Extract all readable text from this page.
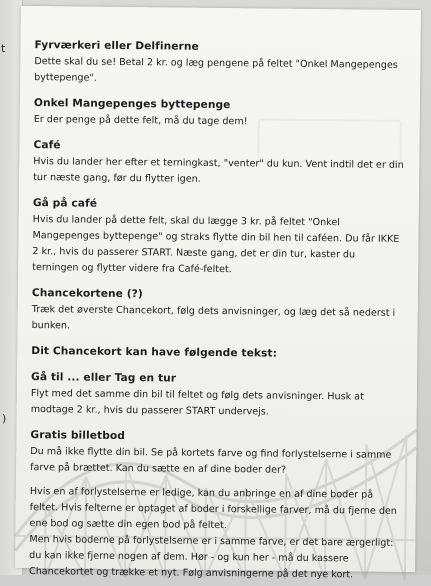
t
)
Fyrværkeri eller Delfinerne

Dette skal du se! Betal 2 kr. og læg pengene på feltet "Onkel Mangepenges byttepenge".

Onkel Mangepenges byttepenge

Er der penge på dette felt, må du tage dem!

Café

Hvis du lander her efter et terningkast, "venter" du kun. Vent indtil det er din tur næste gang, før du flytter igen.

Gå på café

Hvis du lander på dette felt, skal du lægge 3 kr. på feltet "Onkel Mangepenges byttepenge" og straks flytte din bil hen til caféen. Du får IKKE 2 kr., hvis du passerer START. Næste gang, det er din tur, kaster du terningen og flytter videre fra Café-feltet.

Chancekortene (?)

Træk det øverste Chancekort, følg dets anvisninger, og læg det så nederst i bunken.

Dit Chancekort kan have følgende tekst:
Gå til ... eller Tag en tur

Flyt med det samme din bil til feltet og følg dets anvisninger. Husk at modtage 2 kr., hvis du passerer START undervejs.

Gratis billetbod

Du må ikke flytte din bil. Se på kortets farve og find forlystelserne i samme farve på brættet. Kan du sætte en af dine boder der?

Hvis en af forlystelserne er ledige, kan du anbringe en af dine boder på feltet. Hvis felterne er optaget af boder i forskellige farver, må du fjerne den ene bod og sætte din egen bod på feltet.

Men hvis boderne på forlystelserne er i samme farve, er det bare ærgerligt: du kan ikke fjerne nogen af dem. Hør - og kun her - må du kassere Chancekortet og trække et nyt. Følg anvisningerne på det nye kort.
